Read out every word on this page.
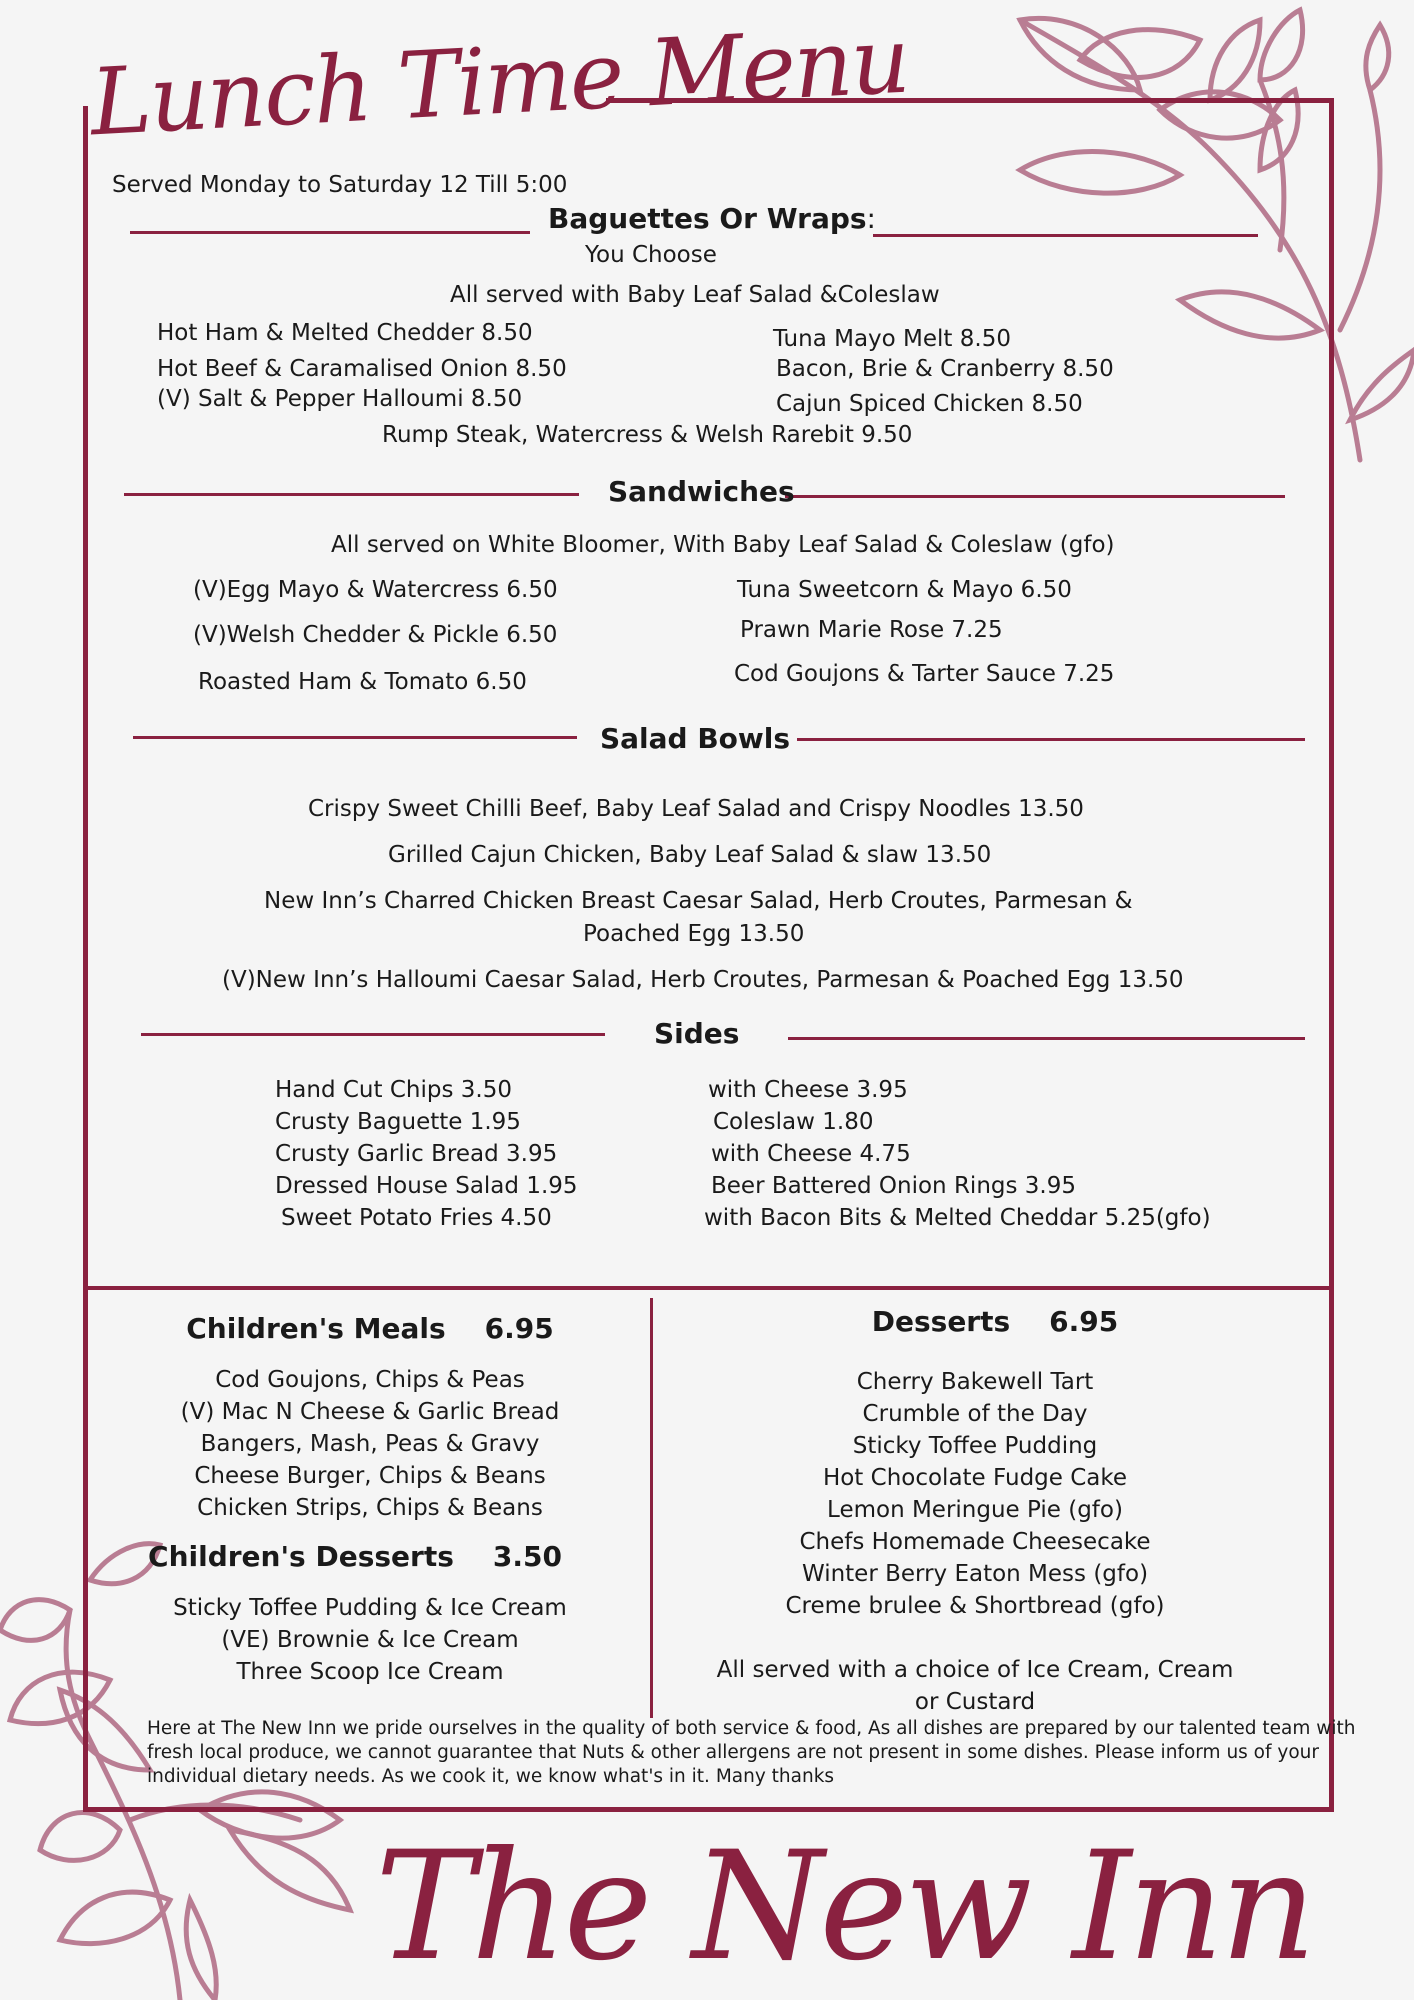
Lunch Time Menu
Served Monday to Saturday 12 Till 5:00
Baguettes Or Wraps:
You Choose
All served with Baby Leaf Salad &Coleslaw
Hot Ham & Melted Chedder 8.50
Hot Beef & Caramalised Onion 8.50
(V) Salt & Pepper Halloumi 8.50
Tuna Mayo Melt 8.50
Bacon, Brie & Cranberry 8.50
Cajun Spiced Chicken 8.50
Rump Steak, Watercress & Welsh Rarebit 9.50
Sandwiches
All served on White Bloomer, With Baby Leaf Salad & Coleslaw (gfo)
(V)Egg Mayo & Watercress 6.50
(V)Welsh Chedder & Pickle 6.50
Roasted Ham & Tomato 6.50
Tuna Sweetcorn & Mayo 6.50
Prawn Marie Rose 7.25
Cod Goujons & Tarter Sauce 7.25
Salad Bowls
Crispy Sweet Chilli Beef, Baby Leaf Salad and Crispy Noodles 13.50
Grilled Cajun Chicken, Baby Leaf Salad & slaw 13.50
New Inn’s Charred Chicken Breast Caesar Salad, Herb Croutes, Parmesan &
Poached Egg 13.50
(V)New Inn’s Halloumi Caesar Salad, Herb Croutes, Parmesan & Poached Egg 13.50
Sides
Hand Cut Chips 3.50
Crusty Baguette 1.95
Crusty Garlic Bread 3.95
Dressed House Salad 1.95
Sweet Potato Fries 4.50
with Cheese 3.95
Coleslaw 1.80
with Cheese 4.75
Beer Battered Onion Rings 3.95
with Bacon Bits & Melted Cheddar 5.25(gfo)
Children's Meals    6.95
Cod Goujons, Chips & Peas
(V) Mac N Cheese & Garlic Bread
Bangers, Mash, Peas & Gravy
Cheese Burger, Chips & Beans
Chicken Strips, Chips & Beans
Children's Desserts    3.50
Sticky Toffee Pudding & Ice Cream
(VE) Brownie & Ice Cream
Three Scoop Ice Cream
Desserts    6.95
Cherry Bakewell Tart
Crumble of the Day
Sticky Toffee Pudding
Hot Chocolate Fudge Cake
Lemon Meringue Pie (gfo)
Chefs Homemade Cheesecake
Winter Berry Eaton Mess (gfo)
Creme brulee & Shortbread (gfo)
All served with a choice of Ice Cream, Cream
or Custard
Here at The New Inn we pride ourselves in the quality of both service & food, As all dishes are prepared by our talented team with
fresh local produce, we cannot guarantee that Nuts & other allergens are not present in some dishes. Please inform us of your
individual dietary needs. As we cook it, we know what's in it. Many thanks
The New Inn
